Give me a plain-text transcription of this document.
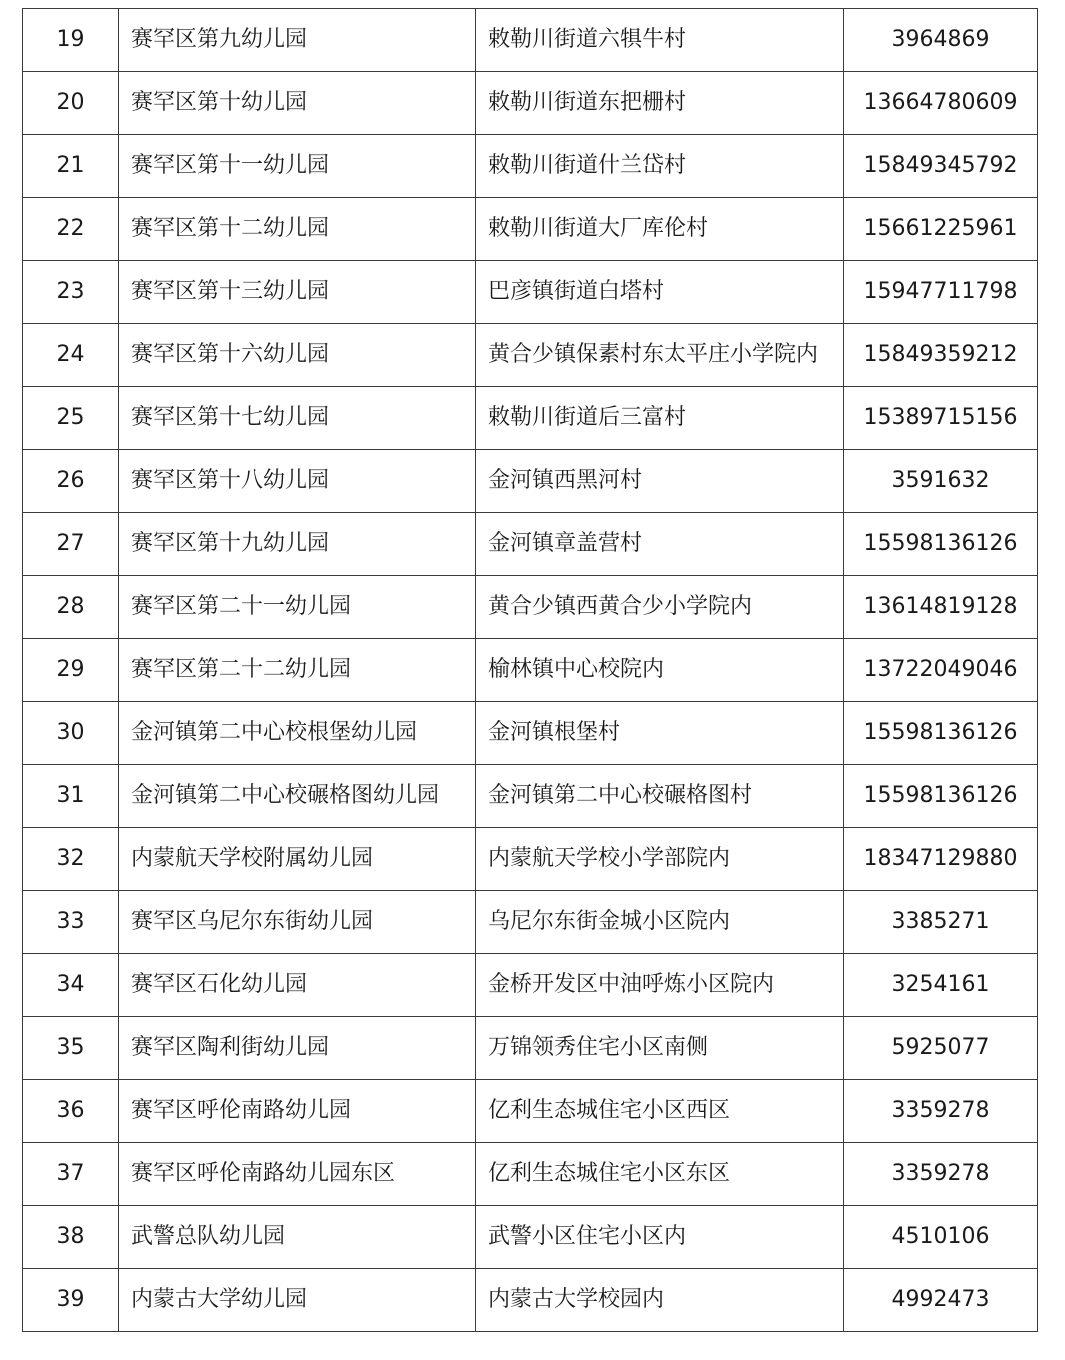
19	赛罕区第九幼儿园	敕勒川街道六犋牛村	3964869
20	赛罕区第十幼儿园	敕勒川街道东把栅村	13664780609
21	赛罕区第十一幼儿园	敕勒川街道什兰岱村	15849345792
22	赛罕区第十二幼儿园	敕勒川街道大厂库伦村	15661225961
23	赛罕区第十三幼儿园	巴彦镇街道白塔村	15947711798
24	赛罕区第十六幼儿园	黄合少镇保素村东太平庄小学院内	15849359212
25	赛罕区第十七幼儿园	敕勒川街道后三富村	15389715156
26	赛罕区第十八幼儿园	金河镇西黑河村	3591632
27	赛罕区第十九幼儿园	金河镇章盖营村	15598136126
28	赛罕区第二十一幼儿园	黄合少镇西黄合少小学院内	13614819128
29	赛罕区第二十二幼儿园	榆林镇中心校院内	13722049046
30	金河镇第二中心校根堡幼儿园	金河镇根堡村	15598136126
31	金河镇第二中心校碾格图幼儿园	金河镇第二中心校碾格图村	15598136126
32	内蒙航天学校附属幼儿园	内蒙航天学校小学部院内	18347129880
33	赛罕区乌尼尔东街幼儿园	乌尼尔东街金城小区院内	3385271
34	赛罕区石化幼儿园	金桥开发区中油呼炼小区院内	3254161
35	赛罕区陶利街幼儿园	万锦领秀住宅小区南侧	5925077
36	赛罕区呼伦南路幼儿园	亿利生态城住宅小区西区	3359278
37	赛罕区呼伦南路幼儿园东区	亿利生态城住宅小区东区	3359278
38	武警总队幼儿园	武警小区住宅小区内	4510106
39	内蒙古大学幼儿园	内蒙古大学校园内	4992473
